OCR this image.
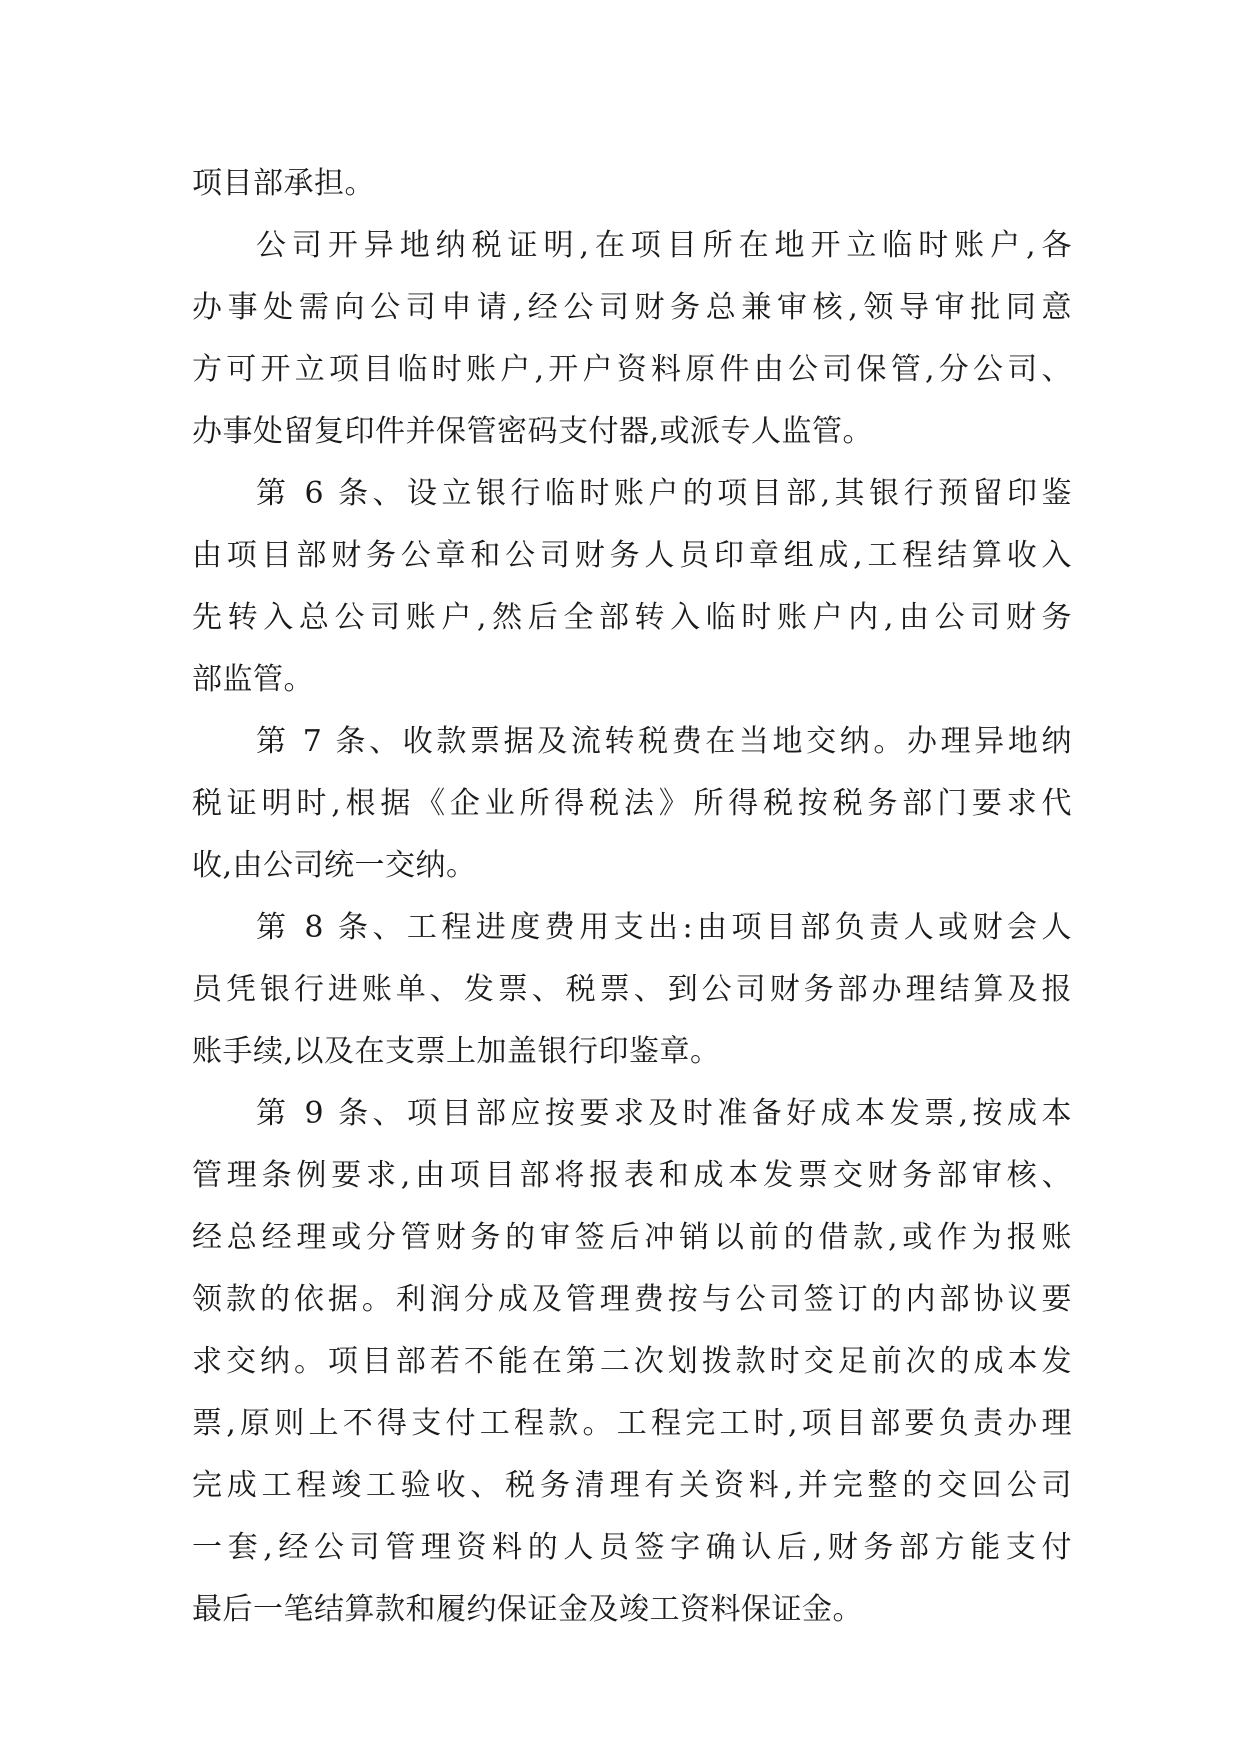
项目部承担。
公司开异地纳税证明,在项目所在地开立临时账户,各
办事处需向公司申请,经公司财务总兼审核,领导审批同意
方可开立项目临时账户,开户资料原件由公司保管,分公司、
办事处留复印件并保管密码支付器,或派专人监管。
第 6 条、设立银行临时账户的项目部,其银行预留印鉴
由项目部财务公章和公司财务人员印章组成,工程结算收入
先转入总公司账户,然后全部转入临时账户内,由公司财务
部监管。
第 7 条、收款票据及流转税费在当地交纳。办理异地纳
税证明时,根据《企业所得税法》所得税按税务部门要求代
收,由公司统一交纳。
第 8 条、工程进度费用支出:由项目部负责人或财会人
员凭银行进账单、发票、税票、到公司财务部办理结算及报
账手续,以及在支票上加盖银行印鉴章。
第 9 条、项目部应按要求及时准备好成本发票,按成本
管理条例要求,由项目部将报表和成本发票交财务部审核、
经总经理或分管财务的审签后冲销以前的借款,或作为报账
领款的依据。利润分成及管理费按与公司签订的内部协议要
求交纳。项目部若不能在第二次划拨款时交足前次的成本发
票,原则上不得支付工程款。工程完工时,项目部要负责办理
完成工程竣工验收、税务清理有关资料,并完整的交回公司
一套,经公司管理资料的人员签字确认后,财务部方能支付
最后一笔结算款和履约保证金及竣工资料保证金。
